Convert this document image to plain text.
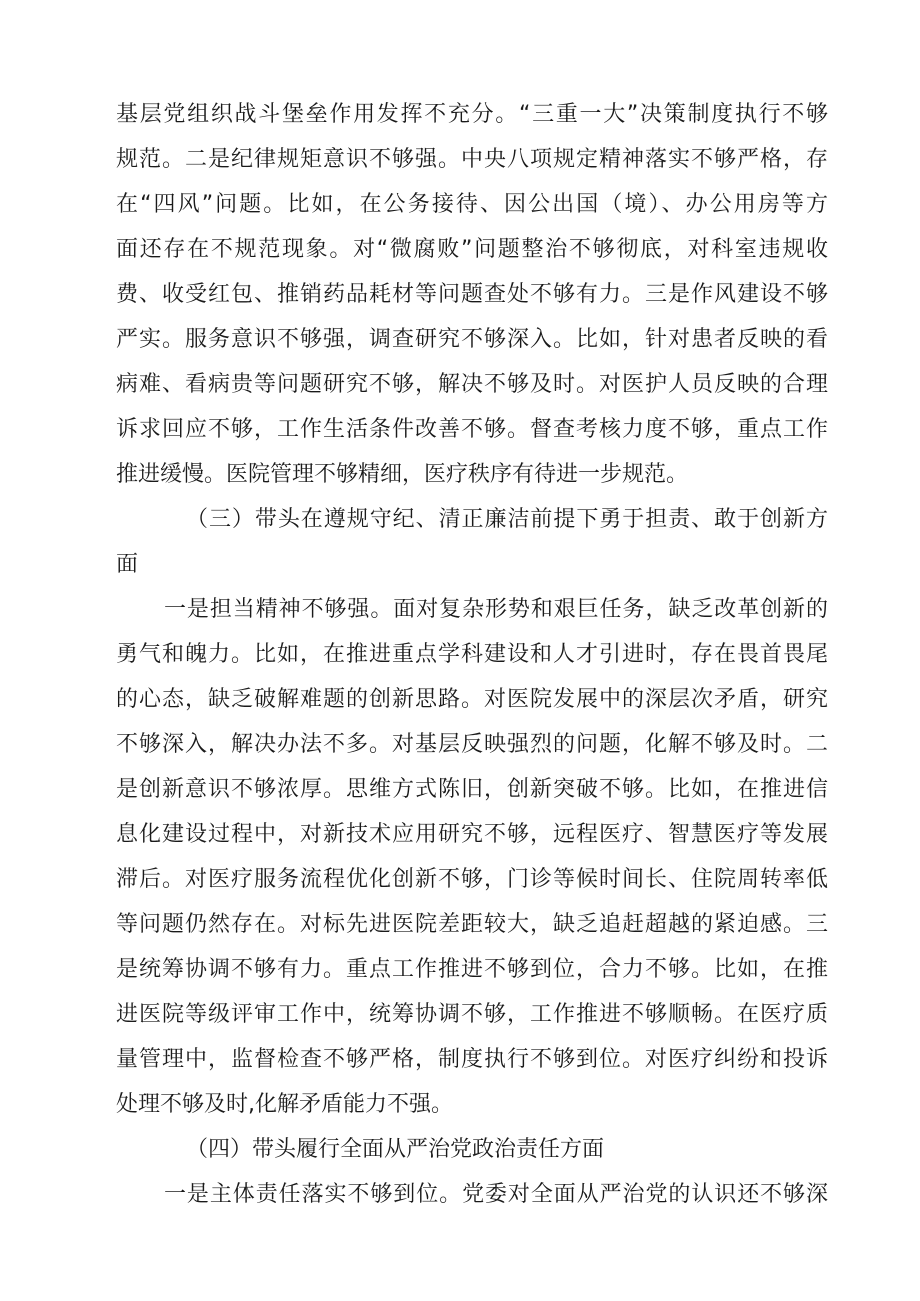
基层党组织战斗堡垒作用发挥不充分。“三重一大”决策制度执行不够
规范。二是纪律规矩意识不够强。中央八项规定精神落实不够严格，存
在“四风”问题。比如，在公务接待、因公出国（境）、办公用房等方
面还存在不规范现象。对“微腐败”问题整治不够彻底，对科室违规收
费、收受红包、推销药品耗材等问题查处不够有力。三是作风建设不够
严实。服务意识不够强，调查研究不够深入。比如，针对患者反映的看
病难、看病贵等问题研究不够，解决不够及时。对医护人员反映的合理
诉求回应不够，工作生活条件改善不够。督查考核力度不够，重点工作
推进缓慢。医院管理不够精细，医疗秩序有待进一步规范。
（三）带头在遵规守纪、清正廉洁前提下勇于担责、敢于创新方
面
一是担当精神不够强。面对复杂形势和艰巨任务，缺乏改革创新的
勇气和魄力。比如，在推进重点学科建设和人才引进时，存在畏首畏尾
的心态，缺乏破解难题的创新思路。对医院发展中的深层次矛盾，研究
不够深入，解决办法不多。对基层反映强烈的问题，化解不够及时。二
是创新意识不够浓厚。思维方式陈旧，创新突破不够。比如，在推进信
息化建设过程中，对新技术应用研究不够，远程医疗、智慧医疗等发展
滞后。对医疗服务流程优化创新不够，门诊等候时间长、住院周转率低
等问题仍然存在。对标先进医院差距较大，缺乏追赶超越的紧迫感。三
是统筹协调不够有力。重点工作推进不够到位，合力不够。比如，在推
进医院等级评审工作中，统筹协调不够，工作推进不够顺畅。在医疗质
量管理中，监督检查不够严格，制度执行不够到位。对医疗纠纷和投诉
处理不够及时,化解矛盾能力不强。
（四）带头履行全面从严治党政治责任方面
一是主体责任落实不够到位。党委对全面从严治党的认识还不够深
